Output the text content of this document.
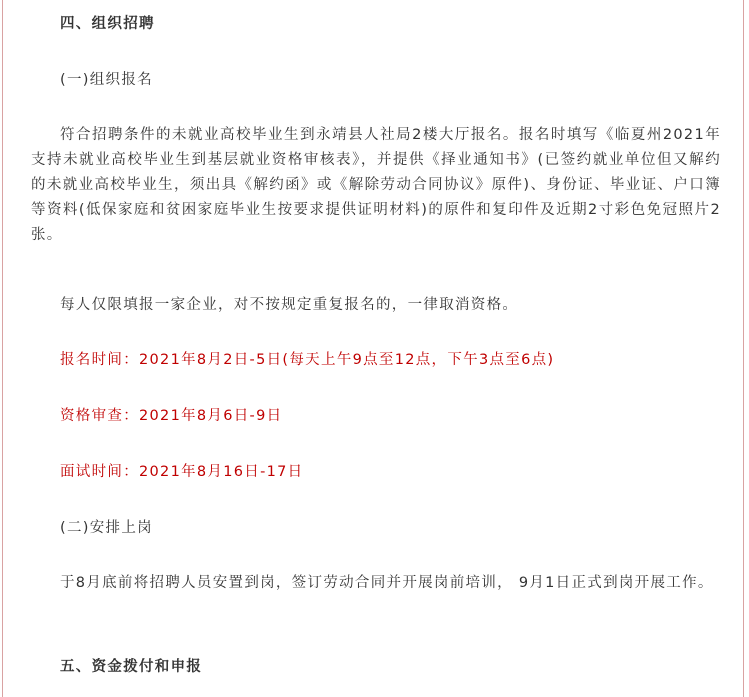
四、组织招聘
(一)组织报名
符合招聘条件的未就业高校毕业生到永靖县人社局2楼大厅报名。报名时填写《临夏州2021年支持未就业高校毕业生到基层就业资格审核表》，并提供《择业通知书》(已签约就业单位但又解约的未就业高校毕业生，须出具《解约函》或《解除劳动合同协议》原件)、身份证、毕业证、户口簿等资料(低保家庭和贫困家庭毕业生按要求提供证明材料)的原件和复印件及近期2寸彩色免冠照片2张。
每人仅限填报一家企业，对不按规定重复报名的，一律取消资格。
报名时间：2021年8月2日-5日(每天上午9点至12点，下午3点至6点)
资格审查：2021年8月6日-9日
面试时间：2021年8月16日-17日
(二)安排上岗
于8月底前将招聘人员安置到岗，签订劳动合同并开展岗前培训， 9月1日正式到岗开展工作。
五、资金拨付和申报
